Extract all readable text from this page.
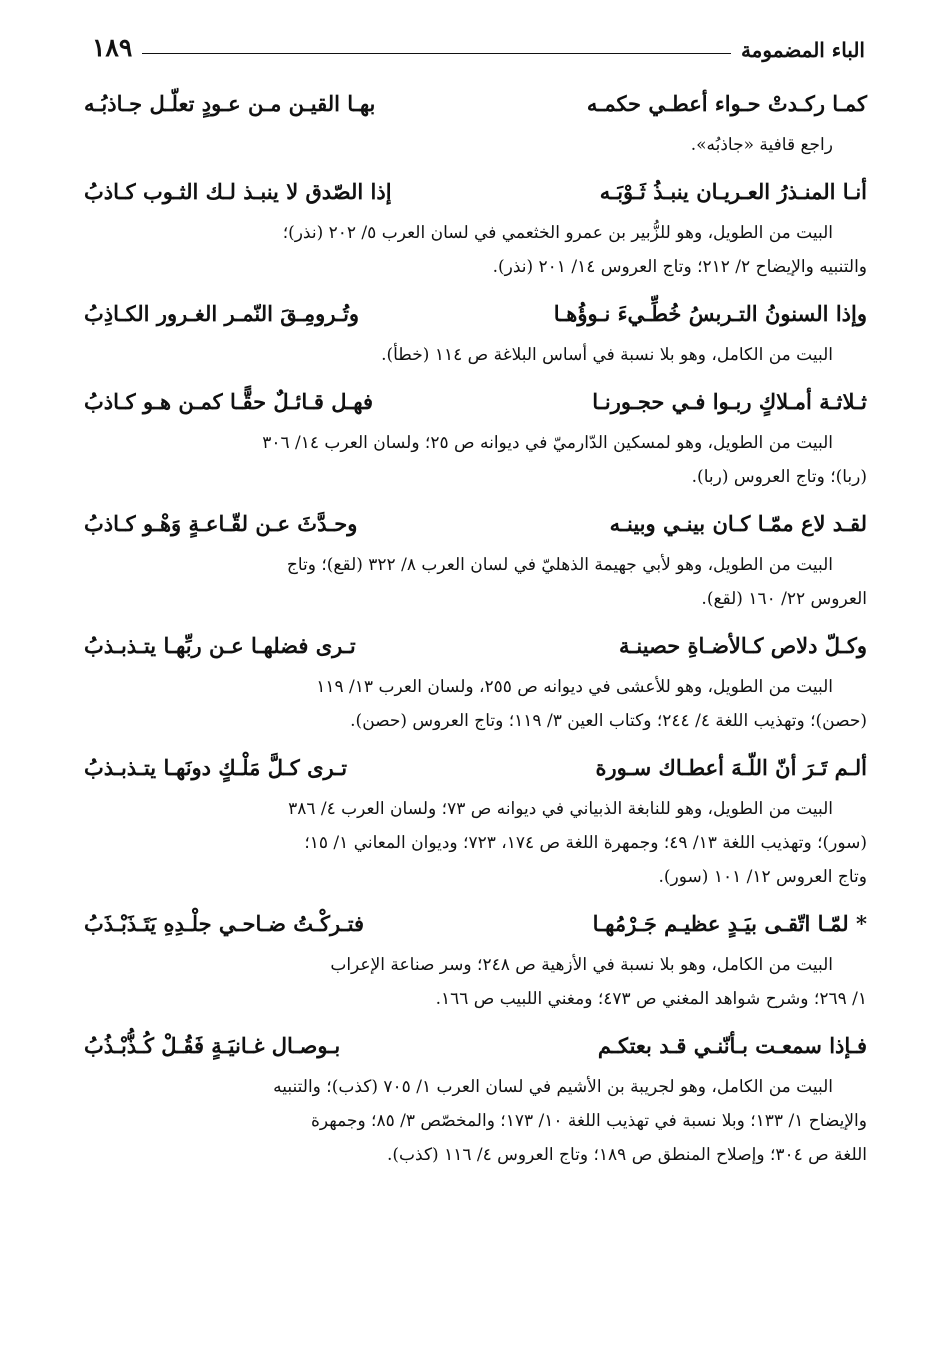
الباء المضمومة
١٨٩
كمـا ركـدتْ حـواء أعطـي حكمـه
بهـا القيـن مـن عـودٍ تعلّـل جـاذبُـه
راجع قافية «جاذبُه».
أنـا المنـذرُ العـريـان ينبـذُ ثَـوْبَـه
إذا الصّدق لا ينبـذ لـك الثـوب كـاذبُ
البيت من الطويل، وهو للزُّبير بن عمرو الخثعمي في لسان العرب ٥/ ٢٠٢ (نذر)؛
والتنبيه والإيضاح ٢/ ٢١٢؛ وتاج العروس ١٤/ ٢٠١ (نذر).
وإذا السنونُ التـربسُ خُطِّـيءَ نـوؤُهـا
وتُـرومِـقَ النّمـر الغـرور الكـاذِبُ
البيت من الكامل، وهو بلا نسبة في أساس البلاغة ص ١١٤ (خطأ).
ثـلاثـة أمـلاكٍ ربـوا فـي حجـورنـا
فهـل قـائـلٌ حقًّـا كمـن هـو كـاذبُ
البيت من الطويل، وهو لمسكين الدّارميّ في ديوانه ص ٢٥؛ ولسان العرب ١٤/ ٣٠٦
(ربا)؛ وتاج العروس (ربا).
لقـد لاع ممّـا كـان بينـي وبينـه
وحـدَّثَ عـن لقّـاعـةٍ وَهْـو كـاذبُ
البيت من الطويل، وهو لأبي جهيمة الذهليّ في لسان العرب ٨/ ٣٢٢ (لقع)؛ وتاج
العروس ٢٢/ ١٦٠ (لقع).
وكـلّ دلاص كـالأضـاةِ حصينـة
تـرى فضلهـا عـن ربِّهـا يتـذبـذبُ
البيت من الطويل، وهو للأعشى في ديوانه ص ٢٥٥، ولسان العرب ١٣/ ١١٩
(حصن)؛ وتهذيب اللغة ٤/ ٢٤٤؛ وكتاب العين ٣/ ١١٩؛ وتاج العروس (حصن).
ألـم تَـرَ أنّ اللّـهَ أعطـاك سـورة
تـرى كـلَّ مَلْـكٍ دونَهـا يتـذبـذبُ
البيت من الطويل، وهو للنابغة الذبياني في ديوانه ص ٧٣؛ ولسان العرب ٤/ ٣٨٦
(سور)؛ وتهذيب اللغة ١٣/ ٤٩؛ وجمهرة اللغة ص ١٧٤، ٧٢٣؛ وديوان المعاني ١/ ١٥؛
وتاج العروس ١٢/ ١٠١ (سور).
* لمّـا اتّقـى بيَـدٍ عظيـم جَـرْمُهـا
فتـركْـتُ ضـاحـي جلْـدِهِ يَتَـذَبْـذَبُ
البيت من الكامل، وهو بلا نسبة في الأزهية ص ٢٤٨؛ وسر صناعة الإعراب
١/ ٢٦٩؛ وشرح شواهد المغني ص ٤٧٣؛ ومغني اللبيب ص ١٦٦.
فـإذا سمعـت بـأنّنـي قـد بعتكـم
بـوصـال غـانيَـةٍ فَقُـلْ كُـذُّبْـذُبُ
البيت من الكامل، وهو لجريبة بن الأشيم في لسان العرب ١/ ٧٠٥ (كذب)؛ والتنبيه
والإيضاح ١/ ١٣٣؛ وبلا نسبة في تهذيب اللغة ١٠/ ١٧٣؛ والمخصّص ٣/ ٨٥؛ وجمهرة
اللغة ص ٣٠٤؛ وإصلاح المنطق ص ١٨٩؛ وتاج العروس ٤/ ١١٦ (كذب).
